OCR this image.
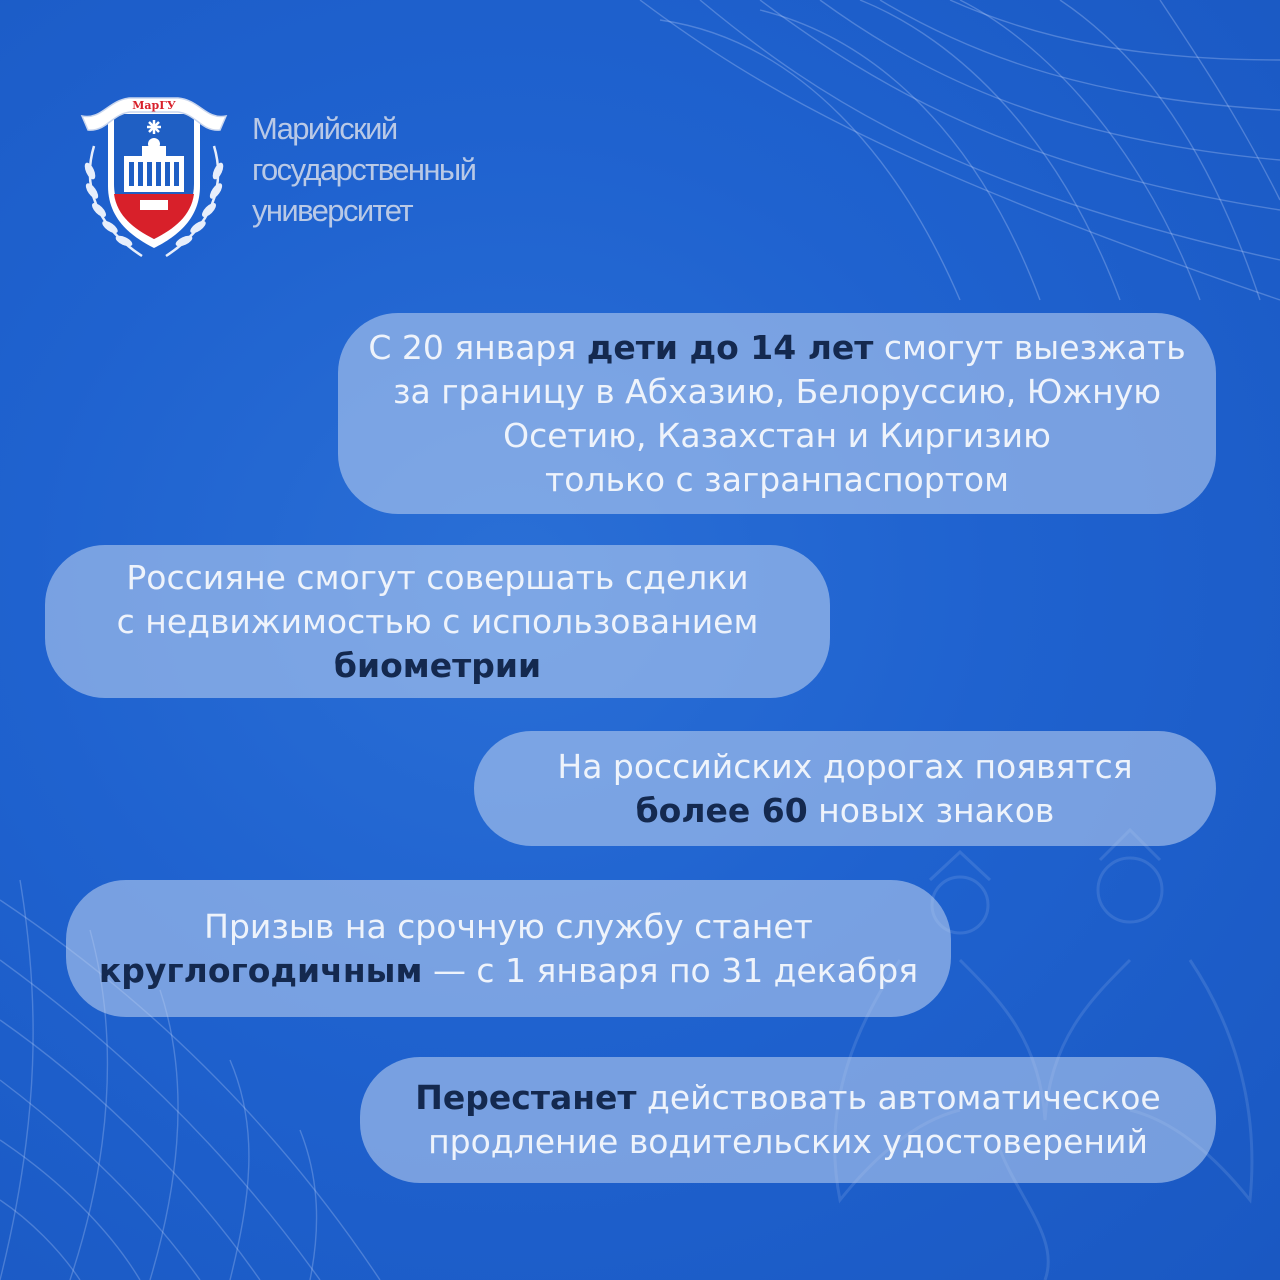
МарГУ
Марийский
государственный
университет
С 20 января дети до 14 лет смогут выезжать
за границу в Абхазию, Белоруссию, Южную
Осетию, Казахстан и Киргизию
только с загранпаспортом
Россияне смогут совершать сделки
с недвижимостью с использованием
биометрии
На российских дорогах появятся
более 60 новых знаков
Призыв на срочную службу станет
круглогодичным — с 1 января по 31 декабря
Перестанет действовать автоматическое
продление водительских удостоверений
